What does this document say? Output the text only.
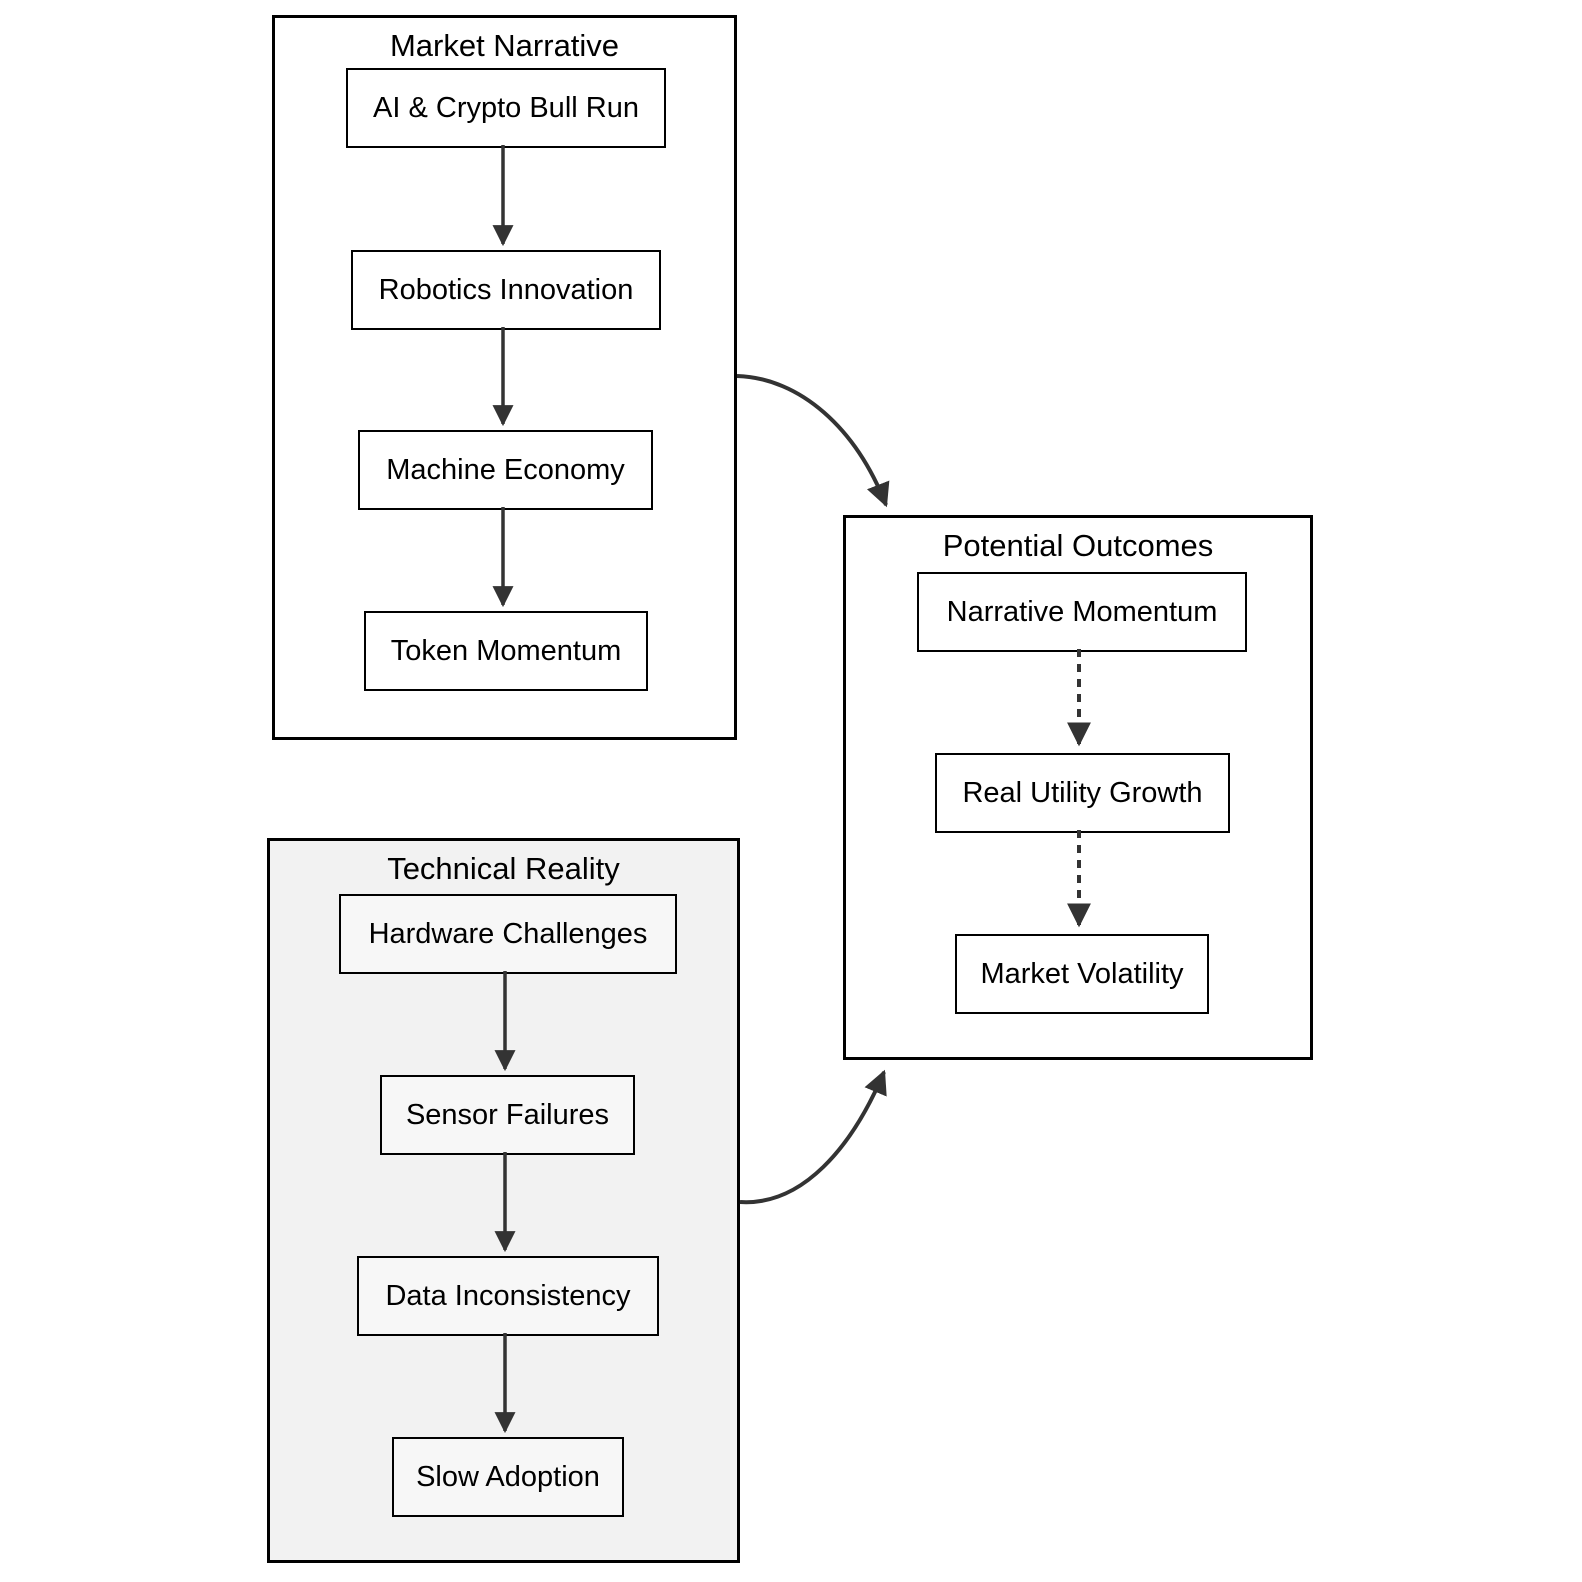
Market Narrative
AI & Crypto Bull Run
Robotics Innovation
Machine Economy
Token Momentum
Technical Reality
Hardware Challenges
Sensor Failures
Data Inconsistency
Slow Adoption
Potential Outcomes
Narrative Momentum
Real Utility Growth
Market Volatility
